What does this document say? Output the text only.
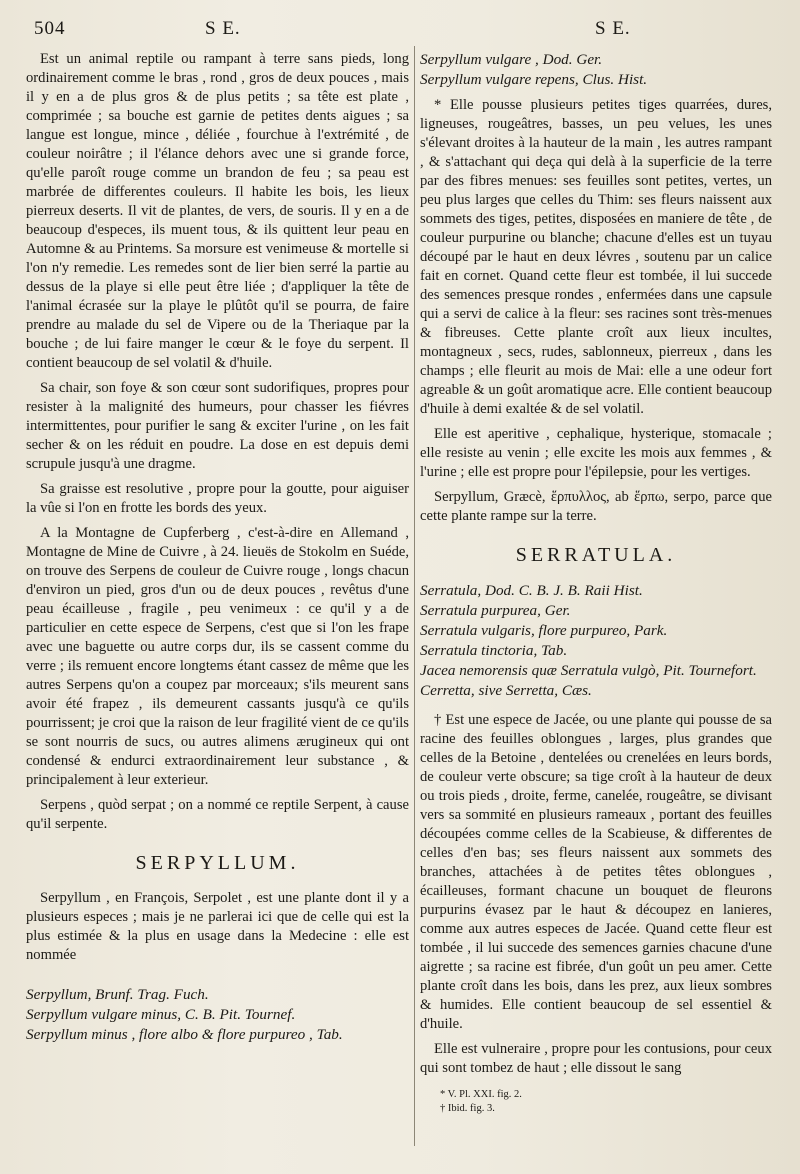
504	S E.	S E.

Est un animal reptile ou rampant à terre sans pieds, long ordinairement comme le bras , rond , gros de deux pouces , mais il y en a de plus gros & de plus petits ; sa tête est plate , comprimée ; sa bouche est garnie de petites dents aigues ; sa langue est longue, mince , déliée , fourchue à l'extrémité , de couleur noirâtre ; il l'élance dehors avec une si grande force, qu'elle paroît rouge comme un brandon de feu ; sa peau est marbrée de differentes couleurs. Il habite les bois, les lieux pierreux deserts. Il vit de plantes, de vers, de souris. Il y en a de beaucoup d'especes, ils muent tous, & ils quittent leur peau en Automne & au Printems. Sa morsure est venimeuse & mortelle si l'on n'y remedie. Les remedes sont de lier bien serré la partie au dessus de la playe si elle peut être liée ; d'appliquer la tête de l'animal écrasée sur la playe le plûtôt qu'il se pourra, de faire prendre au malade du sel de Vipere ou de la Theriaque par la bouche ; de lui faire manger le cœur & le foye du serpent. Il contient beaucoup de sel volatil & d'huile.

Sa chair, son foye & son cœur sont sudorifiques, propres pour resister à la malignité des humeurs, pour chasser les fiévres intermittentes, pour purifier le sang & exciter l'urine , on les fait secher & on les réduit en poudre. La dose en est depuis demi scrupule jusqu'à une dragme.

Sa graisse est resolutive , propre pour la goutte, pour aiguiser la vûe si l'on en frotte les bords des yeux.

A la Montagne de Cupferberg , c'est-à-dire en Allemand , Montagne de Mine de Cuivre , à 24. lieuës de Stokolm en Suéde, on trouve des Serpens de couleur de Cuivre rouge , longs chacun d'environ un pied, gros d'un ou de deux pouces , revêtus d'une peau écailleuse , fragile , peu venimeux : ce qu'il y a de particulier en cette espece de Serpens, c'est que si l'on les frape avec une baguette ou autre corps dur, ils se cassent comme du verre ; ils remuent encore longtems étant cassez de même que les autres Serpens qu'on a coupez par morceaux; s'ils meurent sans avoir été frapez , ils demeurent cassants jusqu'à ce qu'ils pourrissent; je croi que la raison de leur fragilité vient de ce qu'ils se sont nourris de sucs, ou autres alimens ærugineux qui ont condensé & endurci extraordinairement leur substance , & principalement à leur exterieur.

Serpens , quòd serpat ; on a nommé ce reptile Serpent, à cause qu'il serpente.

SERPYLLUM.

Serpyllum , en François, Serpolet , est une plante dont il y a plusieurs especes ; mais je ne parlerai ici que de celle qui est la plus estimée & la plus en usage dans la Medecine : elle est nommée

Serpyllum, Brunf. Trag. Fuch.

Serpyllum vulgare minus, C. B. Pit. Tournef.

Serpyllum minus , flore albo & flore purpureo , Tab.

Serpyllum vulgare , Dod. Ger.

Serpyllum vulgare repens, Clus. Hist.

* Elle pousse plusieurs petites tiges quarrées, dures, ligneuses, rougeâtres, basses, un peu velues, les unes s'élevant droites à la hauteur de la main , les autres rampant , & s'attachant qui deça qui delà à la superficie de la terre par des fibres menues: ses feuilles sont petites, vertes, un peu plus larges que celles du Thim: ses fleurs naissent aux sommets des tiges, petites, disposées en maniere de tête , de couleur purpurine ou blanche; chacune d'elles est un tuyau découpé par le haut en deux lévres , soutenu par un calice fait en cornet. Quand cette fleur est tombée, il lui succede des semences presque rondes , enfermées dans une capsule qui a servi de calice à la fleur: ses racines sont très-menues & fibreuses. Cette plante croît aux lieux incultes, montagneux , secs, rudes, sablonneux, pierreux , dans les champs ; elle fleurit au mois de Mai: elle a une odeur fort agreable & un goût aromatique acre. Elle contient beaucoup d'huile à demi exaltée & de sel volatil.

Elle est aperitive , cephalique, hysterique, stomacale ; elle resiste au venin ; elle excite les mois aux femmes , & l'urine ; elle est propre pour l'épilepsie, pour les vertiges.

Serpyllum, Græcè, ἕρπυλλος, ab ἕρπω, serpo, parce que cette plante rampe sur la terre.

SERRATULA.

Serratula, Dod. C. B. J. B. Raii Hist.

Serratula purpurea, Ger.

Serratula vulgaris, flore purpureo, Park.

Serratula tinctoria, Tab.

Jacea nemorensis quæ Serratula vulgò, Pit. Tournefort.

Cerretta, sive Serretta, Cæs.

† Est une espece de Jacée, ou une plante qui pousse de sa racine des feuilles oblongues , larges, plus grandes que celles de la Betoine , dentelées ou crenelées en leurs bords, de couleur verte obscure; sa tige croît à la hauteur de deux ou trois pieds , droite, ferme, canelée, rougeâtre, se divisant vers sa sommité en plusieurs rameaux , portant des feuilles découpées comme celles de la Scabieuse, & differentes de celles d'en bas; ses fleurs naissent aux sommets des branches, attachées à de petites têtes oblongues , écailleuses, formant chacune un bouquet de fleurons purpurins évasez par le haut & découpez en lanieres, comme aux autres especes de Jacée. Quand cette fleur est tombée , il lui succede des semences garnies chacune d'une aigrette ; sa racine est fibrée, d'un goût un peu amer. Cette plante croît dans les bois, dans les prez, aux lieux sombres & humides. Elle contient beaucoup de sel essentiel & d'huile.

Elle est vulneraire , propre pour les contusions, pour ceux qui sont tombez de haut ; elle dissout le sang

* V. Pl. XXI. fig. 2.
† Ibid. fig. 3.
